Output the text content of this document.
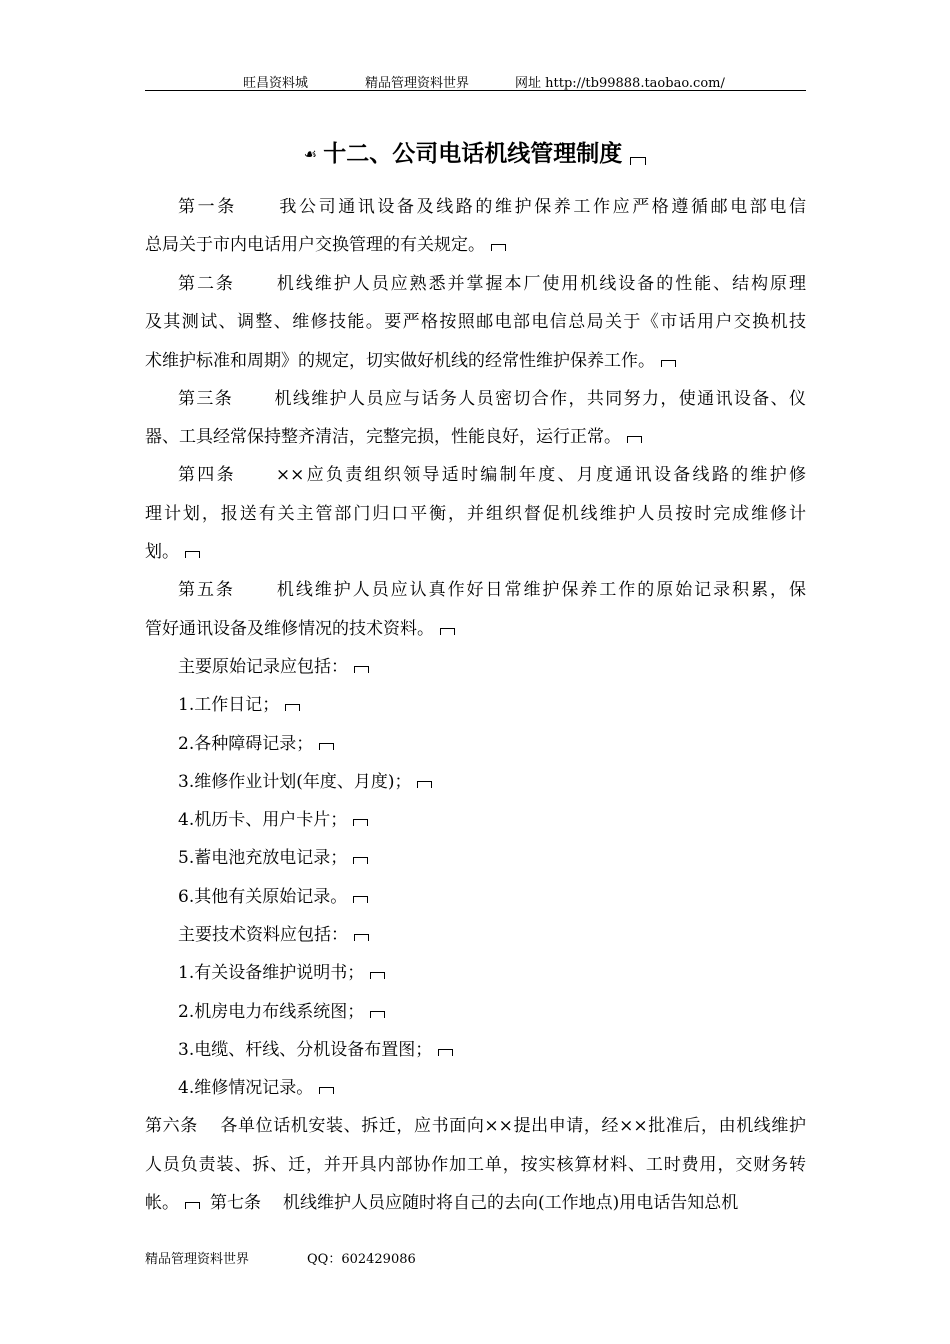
旺昌资料城	精品管理资料世界	网址 http://tb99888.taobao.com/
☙ 十二、公司电话机线管理制度
第一条 我公司通讯设备及线路的维护保养工作应严格遵循邮电部电信
总局关于市内电话用户交换管理的有关规定。
第二条 机线维护人员应熟悉并掌握本厂使用机线设备的性能、结构原理
及其测试、调整、维修技能。要严格按照邮电部电信总局关于《市话用户交换机技
术维护标准和周期》的规定，切实做好机线的经常性维护保养工作。
第三条 机线维护人员应与话务人员密切合作，共同努力，使通讯设备、仪
器、工具经常保持整齐清洁，完整完损，性能良好，运行正常。
第四条 ××应负责组织领导适时编制年度、月度通讯设备线路的维护修
理计划，报送有关主管部门归口平衡，并组织督促机线维护人员按时完成维修计
划。
第五条 机线维护人员应认真作好日常维护保养工作的原始记录积累，保
管好通讯设备及维修情况的技术资料。
主要原始记录应包括：
1.工作日记；
2.各种障碍记录；
3.维修作业计划(年度、月度)；
4.机历卡、用户卡片；
5.蓄电池充放电记录；
6.其他有关原始记录。
主要技术资料应包括：
1.有关设备维护说明书；
2.机房电力布线系统图；
3.电缆、杆线、分机设备布置图；
4.维修情况记录。
第六条 各单位话机安装、拆迁，应书面向××提出申请，经××批准后，由机线维护
人员负责装、拆、迁，并开具内部协作加工单，按实核算材料、工时费用，交财务转
帐。 第七条 机线维护人员应随时将自己的去向(工作地点)用电话告知总机
精品管理资料世界	QQ：602429086
